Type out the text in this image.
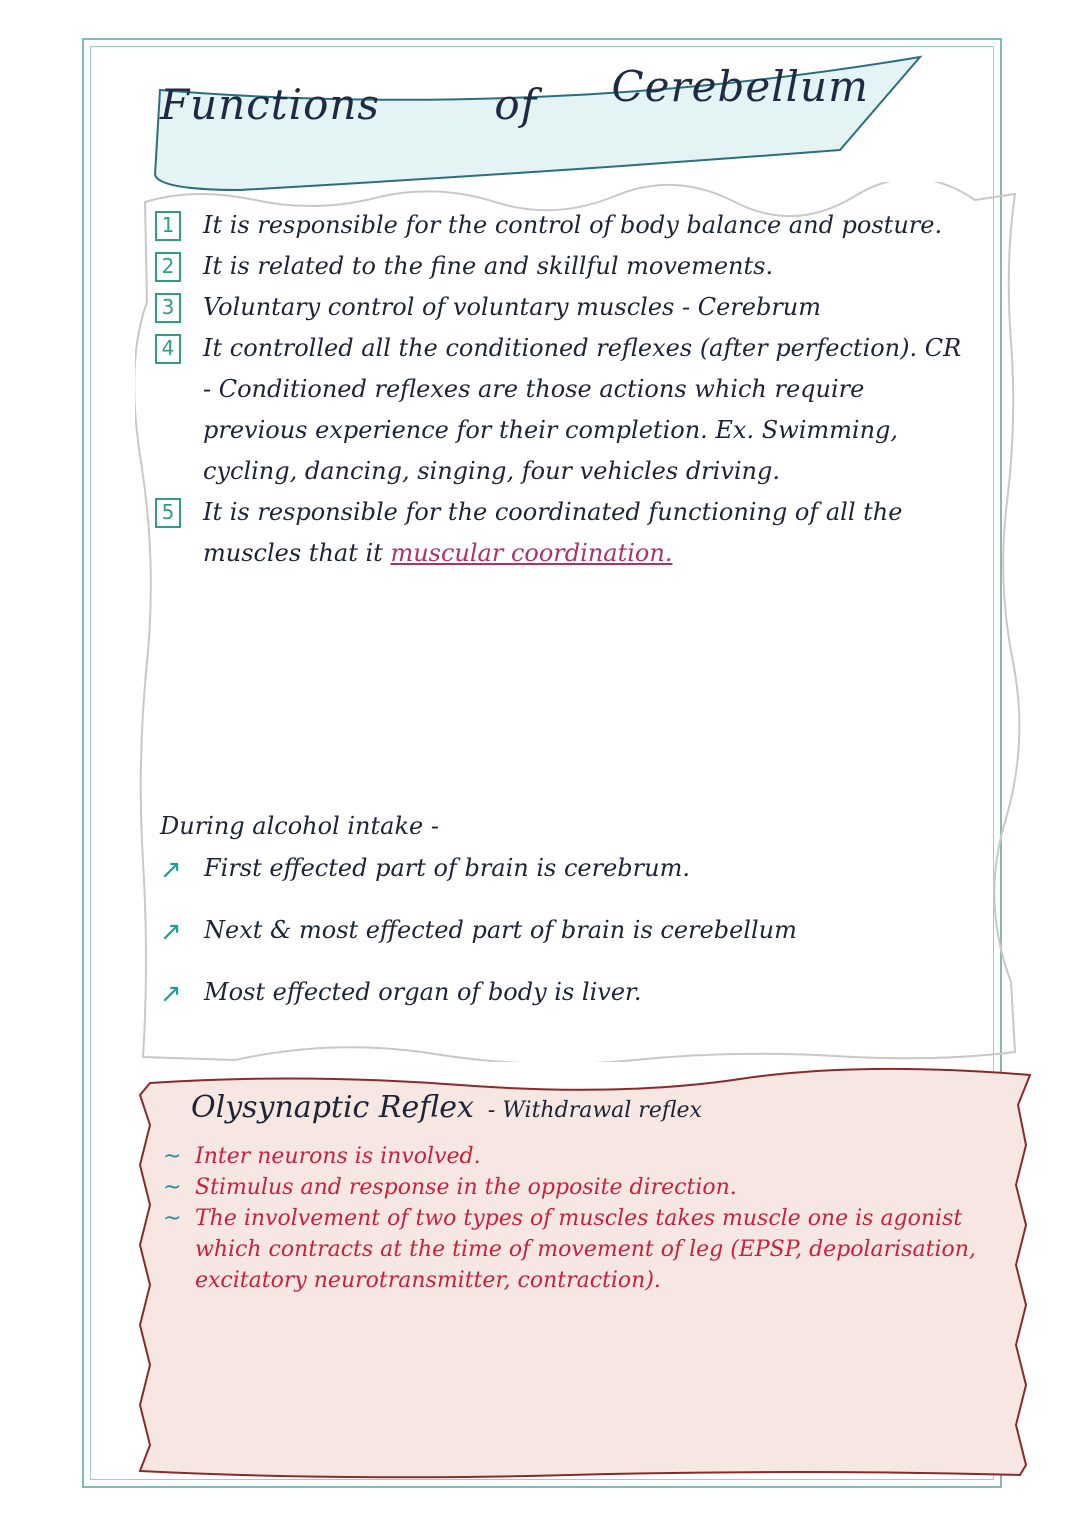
Functions	of Cerebellum

1 It is responsible for the control of body balance and posture.

2 It is related to the fine and skillful movements.

3 Voluntary control of voluntary muscles - Cerebrum

4 It controlled all the conditioned reflexes (after perfection). CR - Conditioned reflexes are those actions which require previous experience for their completion. Ex. Swimming, cycling, dancing, singing, four vehicles driving.

5 It is responsible for the coordinated functioning of all the muscles that it muscular coordination.

During alcohol intake -

↗ First effected part of brain is cerebrum.

↗ Next & most effected part of brain is cerebellum

↗ Most effected organ of body is liver.

Olysynaptic Reflex - Withdrawal reflex

~ Inter neurons is involved.

~ Stimulus and response in the opposite direction.

~ The involvement of two types of muscles takes muscle one is agonist which contracts at the time of movement of leg (EPSP, depolarisation, excitatory neurotransmitter, contraction).
